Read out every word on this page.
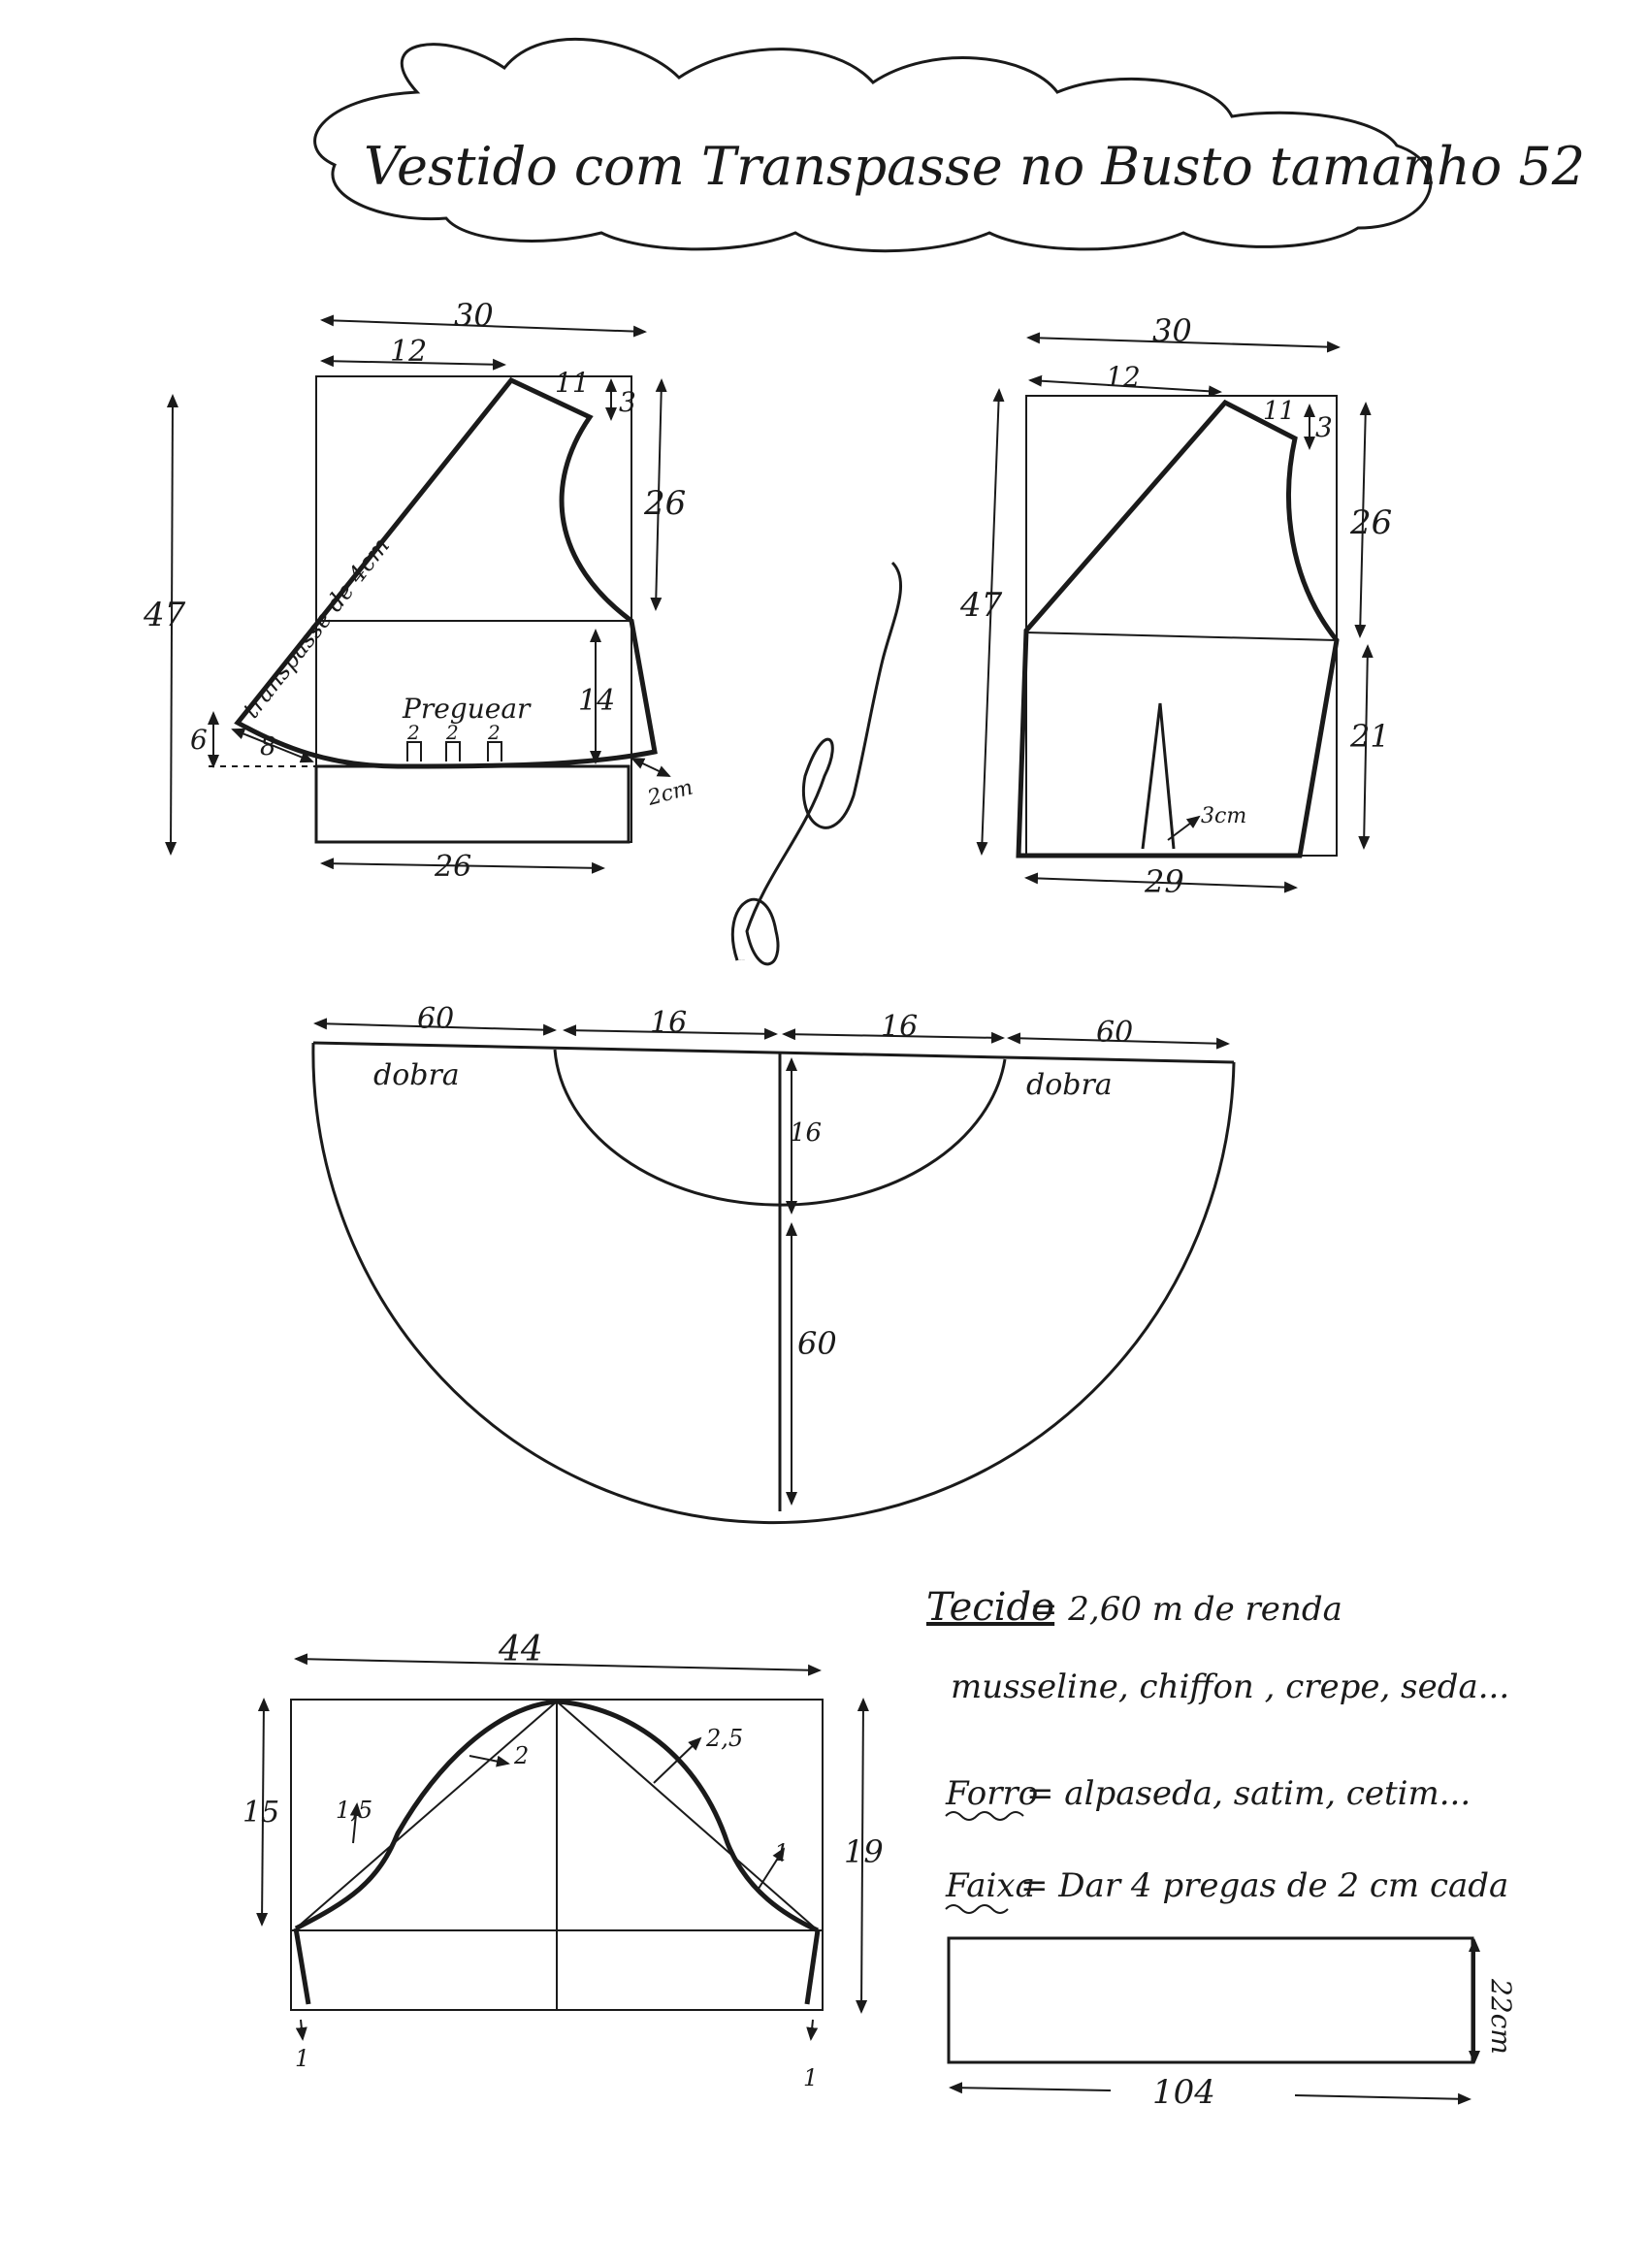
Vestido com Transpasse no Busto tamanho 52
30
12
11
3
26
47
14
transpasse de 4cm Preguear
2 2 2
6 8
2cm
26
Marlene Mukai
30
12
11 3
26
47
21
3cm
29
60	16	16	60
dobra	dobra
16
60
44
15
19
1,5
2
2,5
1
1
1
Tecido
= 2,60 m de renda
musseline, chiffon , crepe, seda...
Forro
= alpaseda, satim, cetim...
Faixa
= Dar 4 pregas de 2 cm cada
22cm
104
